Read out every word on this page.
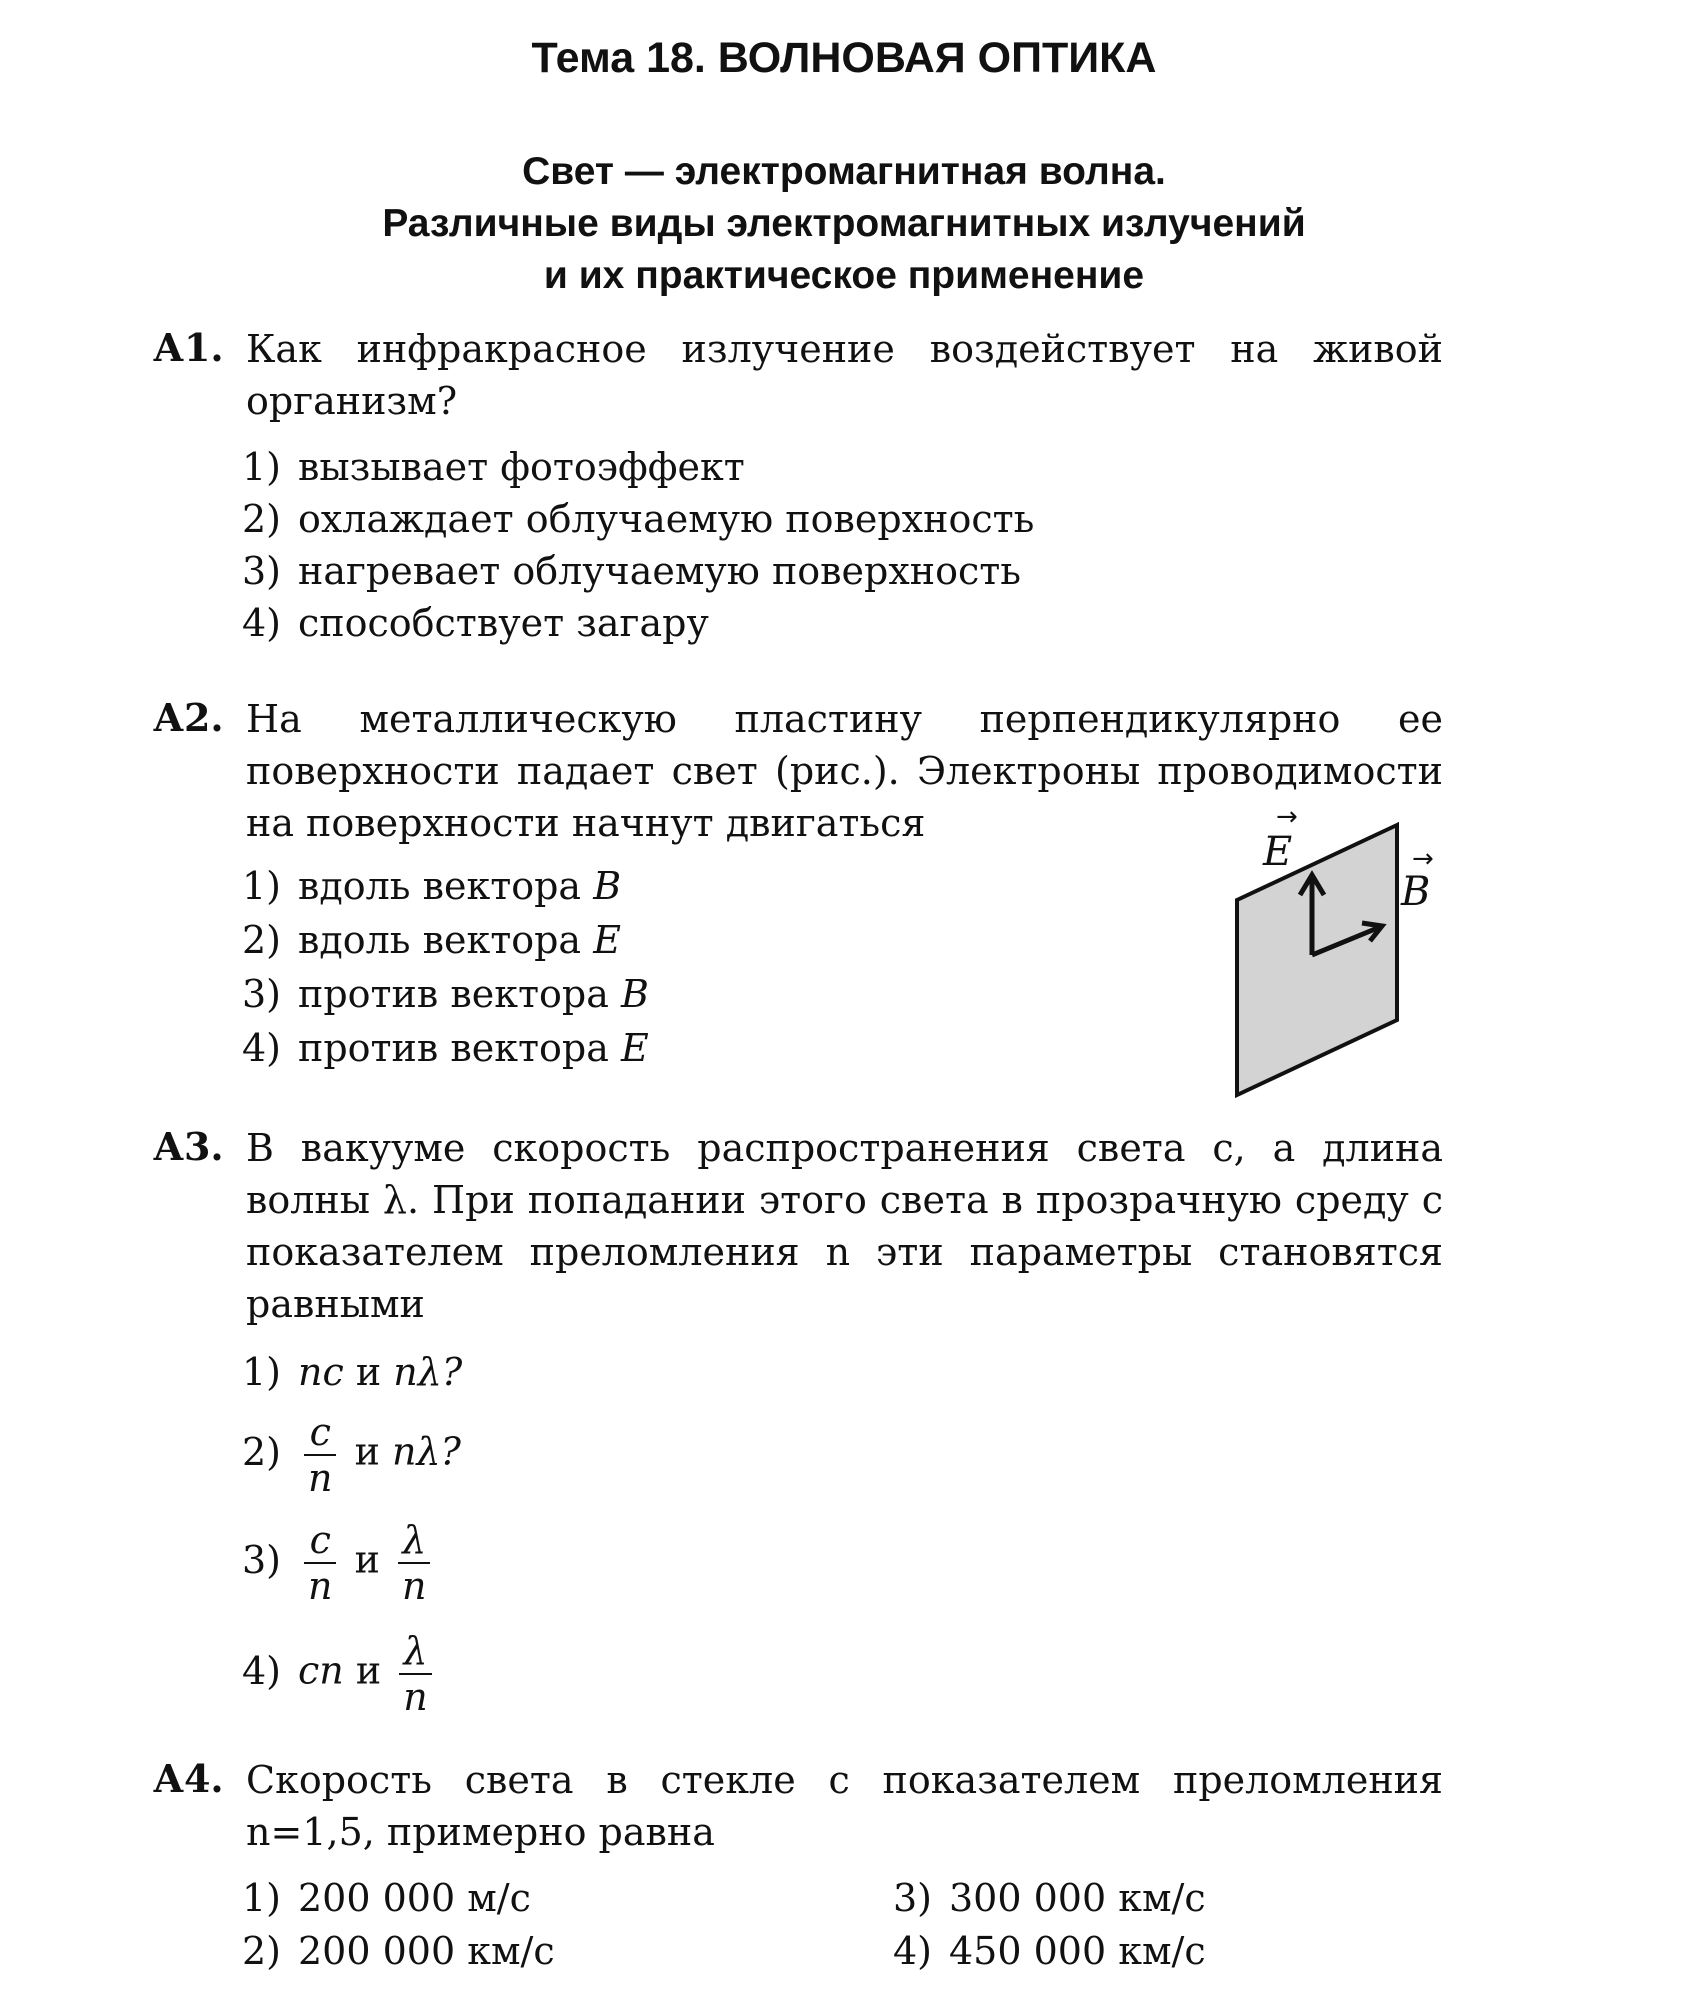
Тема 18. ВОЛНОВАЯ ОПТИКА
Свет — электромагнитная волна.
Различные виды электромагнитных излучений
и их практическое применение
А1. Как инфракрасное излучение воздействует на живой организм?
1) вызывает фотоэффект
2) охлаждает облучаемую поверхность
3) нагревает облучаемую поверхность
4) способствует загару
А2. На металлическую пластину перпендикулярно ее поверхности падает свет (рис.). Электроны проводимости на поверхности начнут двигаться
1) вдоль вектора B
2) вдоль вектора E
3) против вектора B
4) против вектора E
E
→
B
→
А3. В вакууме скорость распространения света c, а длина волны λ. При попадании этого света в прозрачную среду с показателем преломления n эти параметры становятся равными
1) nc и nλ?
$2) \frac{c}{n}$ и nλ?
$3) \frac{c}{n}$ и $\frac{\lambda}{n}$
4) cn и $\frac{\lambda}{n}$
А4. Скорость света в стекле с показателем преломления n=1,5, примерно равна
1) 200 000 м/с
2) 200 000 км/с
3) 300 000 км/с
4) 450 000 км/с
